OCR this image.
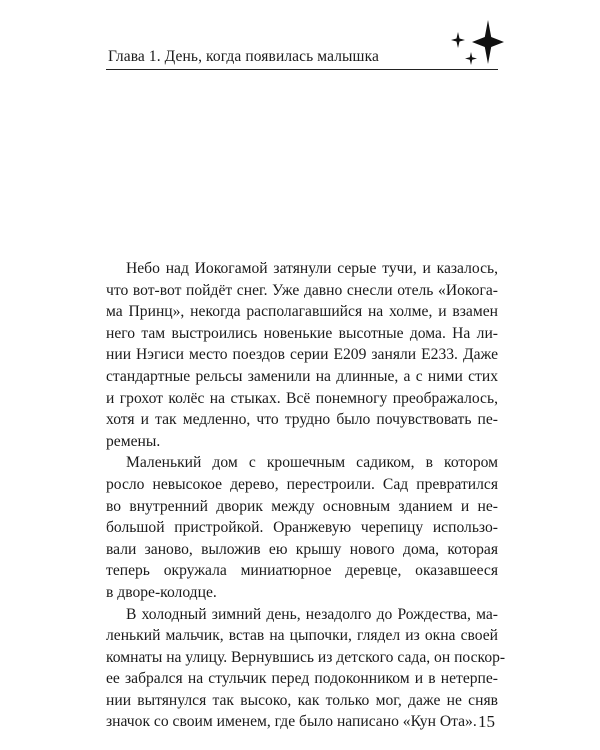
Глава 1. День, когда появилась малышка
Небо над Иокогамой затянули серые тучи, и казалось,
что вот-вот пойдёт снег. Уже давно снесли отель «Иокога-
ма Принц», некогда располагавшийся на холме, и взамен
него там выстроились новенькие высотные дома. На ли-
нии Нэгиси место поездов серии E209 заняли E233. Даже
стандартные рельсы заменили на длинные, а с ними стих
и грохот колёс на стыках. Всё понемногу преображалось,
хотя и так медленно, что трудно было почувствовать пе-
ремены.
Маленький дом с крошечным садиком, в котором
росло невысокое дерево, перестроили. Сад превратился
во внутренний дворик между основным зданием и не-
большой пристройкой. Оранжевую черепицу использо-
вали заново, выложив ею крышу нового дома, которая
теперь окружала миниатюрное деревце, оказавшееся
в дворе-колодце.
В холодный зимний день, незадолго до Рождества, ма-
ленький мальчик, встав на цыпочки, глядел из окна своей
комнаты на улицу. Вернувшись из детского сада, он поскор-
ее забрался на стульчик перед подоконником и в нетерпе-
нии вытянулся так высоко, как только мог, даже не сняв
значок со своим именем, где было написано «Кун Ота». 15
